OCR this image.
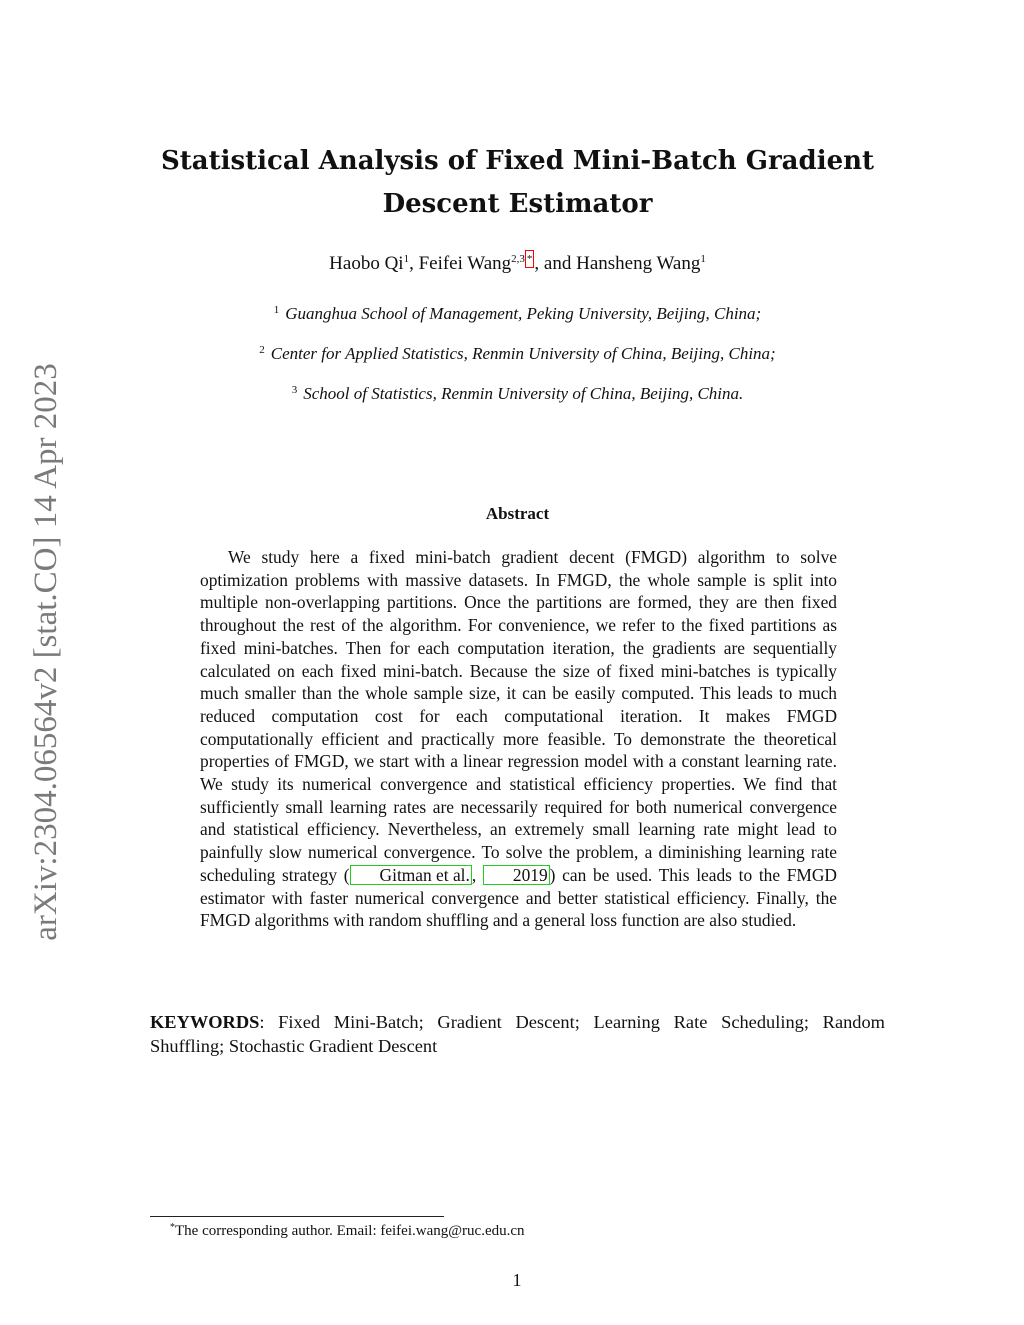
arXiv:2304.06564v2 [stat.CO] 14 Apr 2023
Statistical Analysis of Fixed Mini-Batch Gradient
Descent Estimator
Haobo Qi$^1$, Feifei Wang$^{2,3 *}$ , and Hansheng Wang$^1$
$^1$ Guanghua School of Management, Peking University, Beijing, China;
$^2$ Center for Applied Statistics, Renmin University of China, Beijing, China;
$^3$ School of Statistics, Renmin University of China, Beijing, China.
Abstract

We study here a fixed mini-batch gradient decent (FMGD) algorithm to solve optimization problems with massive datasets. In FMGD, the whole sample is split into multiple non-overlapping partitions. Once the partitions are formed, they are then fixed throughout the rest of the algorithm. For convenience, we refer to the fixed partitions as fixed mini-batches. Then for each computation iteration, the gradients are sequentially calculated on each fixed mini-batch. Because the size of fixed mini-batches is typically much smaller than the whole sample size, it can be easily computed. This leads to much reduced computation cost for each computational iteration. It makes FMGD computationally efficient and practically more feasible. To demonstrate the theoretical properties of FMGD, we start with a linear regression model with a constant learning rate. We study its numerical convergence and statistical efficiency properties. We find that sufficiently small learning rates are necessarily required for both numerical convergence and statistical efficiency. Nevertheless, an extremely small learning rate might lead to painfully slow numerical convergence. To solve the problem, a diminishing learning rate scheduling strategy ( Gitman et al. , 2019 ) can be used. This leads to the FMGD estimator with faster numerical convergence and better statistical efficiency. Finally, the FMGD algorithms with random shuffling and a general loss function are also studied.

KEYWORDS: Fixed Mini-Batch; Gradient Descent; Learning Rate Scheduling; Random Shuffling; Stochastic Gradient Descent

*The corresponding author. Email: feifei.wang@ruc.edu.cn
1
